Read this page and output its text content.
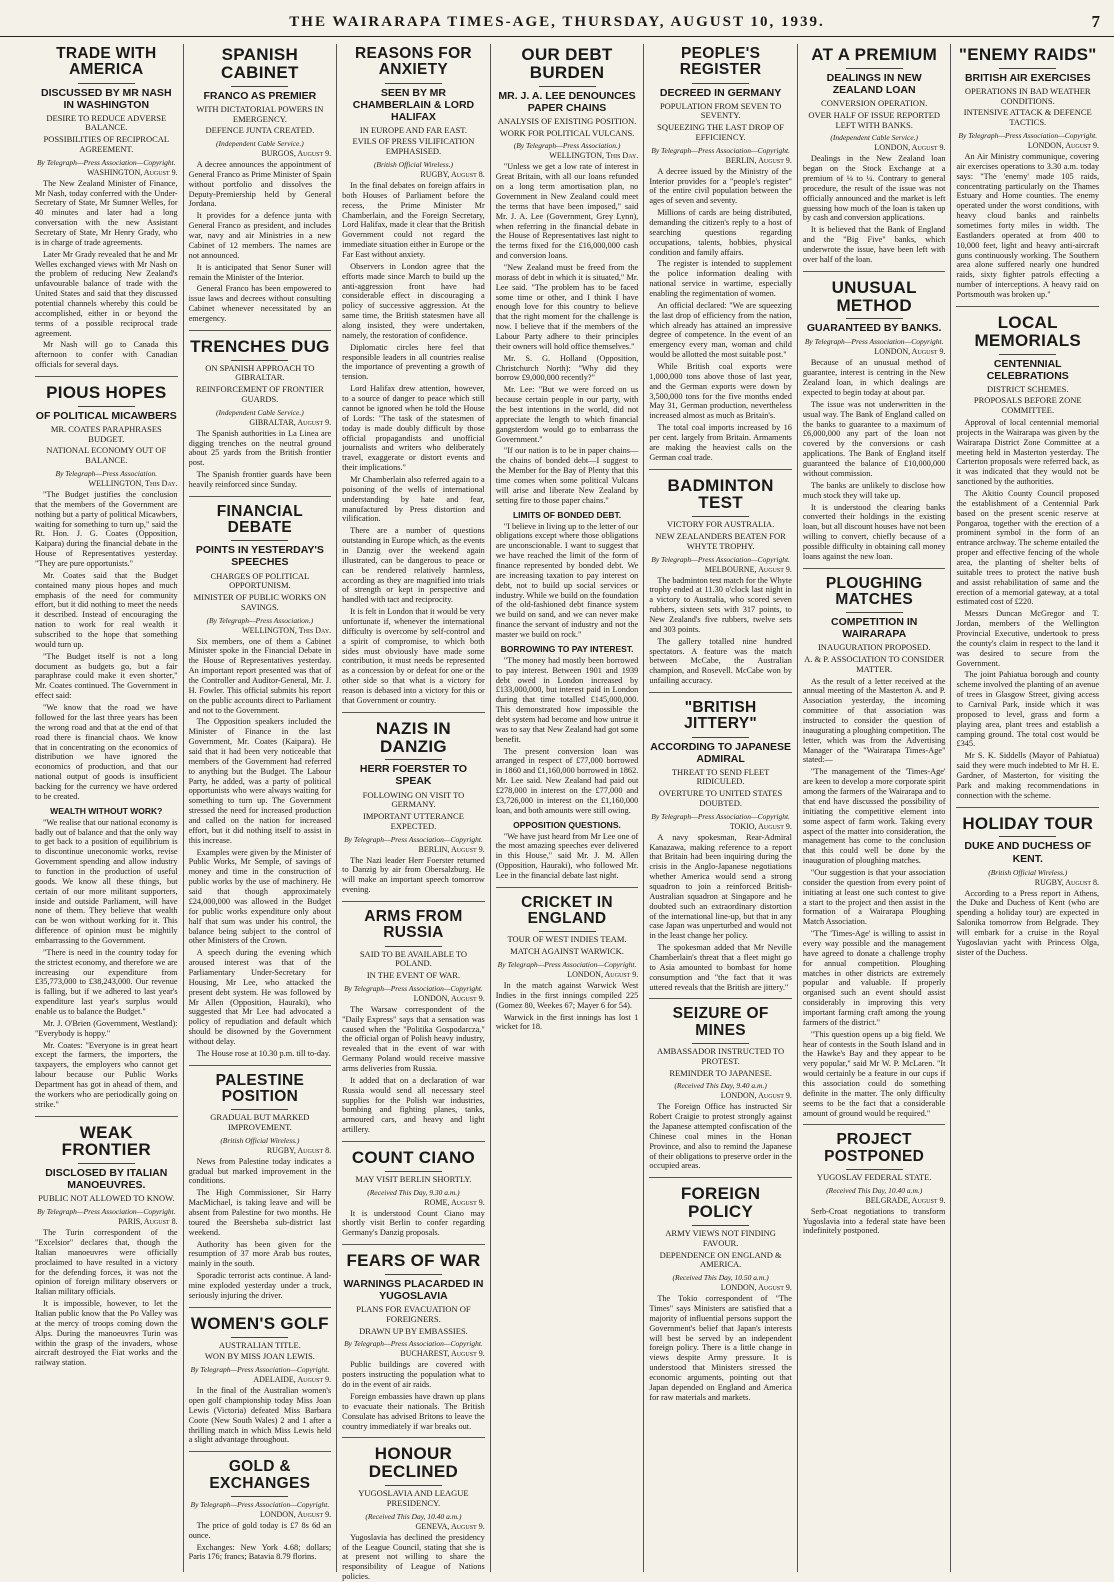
THE WAIRARAPA TIMES-AGE, THURSDAY, AUGUST 10, 1939.	7
TRADE WITH AMERICA
DISCUSSED BY MR NASH IN WASHINGTON
DESIRE TO REDUCE ADVERSE BALANCE.
POSSIBILITIES OF RECIPROCAL AGREEMENT.
By Telegraph—Press Association—Copyright.
WASHINGTON, August 9.

The New Zealand Minister of Finance, Mr Nash, today conferred with the Under-Secretary of State, Mr Sumner Welles, for 40 minutes and later had a long conversation with the new Assistant Secretary of State, Mr Henry Grady, who is in charge of trade agreements.

Later Mr Grady revealed that he and Mr Welles exchanged views with Mr Nash on the problem of reducing New Zealand's unfavourable balance of trade with the United States and said that they discussed potential channels whereby this could be accomplished, either in or beyond the terms of a possible reciprocal trade agreement.

Mr Nash will go to Canada this afternoon to confer with Canadian officials for several days.

PIOUS HOPES
OF POLITICAL MICAWBERS
MR. COATES PARAPHRASES BUDGET.
NATIONAL ECONOMY OUT OF BALANCE.
By Telegraph—Press Association.
WELLINGTON, This Day.

"The Budget justifies the conclusion that the members of the Government are nothing but a party of political Micawbers, waiting for something to turn up," said the Rt. Hon. J. G. Coates (Opposition, Kaipara) during the financial debate in the House of Representatives yesterday. "They are pure opportunists."

Mr. Coates said that the Budget contained many pious hopes and much emphasis of the need for community effort, but it did nothing to meet the needs it described. Instead of encouraging the nation to work for real wealth it subscribed to the hope that something would turn up.

"The Budget itself is not a long document as budgets go, but a fair paraphrase could make it even shorter," Mr. Coates continued. The Government in effect said:

"We know that the road we have followed for the last three years has been the wrong road and that at the end of that road there is financial chaos. We know that in concentrating on the economics of distribution we have ignored the economics of production, and that our national output of goods is insufficient backing for the currency we have ordered to be created.

WEALTH WITHOUT WORK?

"We realise that our national economy is badly out of balance and that the only way to get back to a position of equilibrium is to discontinue uneconomic works, revise Government spending and allow industry to function in the production of useful goods. We know all these things, but certain of our more militant supporters, inside and outside Parliament, will have none of them. They believe that wealth can be won without working for it. This difference of opinion must be mightily embarrassing to the Government.

"There is need in the country today for the strictest economy, and therefore we are increasing our expenditure from £35,773,000 to £38,243,000. Our revenue is falling, but if we adhered to last year's expenditure last year's surplus would enable us to balance the Budget."

Mr. J. O'Brien (Government, Westland): "Everybody is hoppy."

Mr. Coates: "Everyone is in great heart except the farmers, the importers, the taxpayers, the employers who cannot get labour because our Public Works Department has got in ahead of them, and the workers who are periodically going on strike."

WEAK FRONTIER
DISCLOSED BY ITALIAN MANOEUVRES.
PUBLIC NOT ALLOWED TO KNOW.
By Telegraph—Press Association—Copyright.
PARIS, August 8.

The Turin correspondent of the "Excelsior" declares that, though the Italian manoeuvres were officially proclaimed to have resulted in a victory for the defending forces, it was not the opinion of foreign military observers or Italian military officials.

It is impossible, however, to let the Italian public know that the Po Valley was at the mercy of troops coming down the Alps. During the manoeuvres Turin was within the grasp of the invaders, whose aircraft destroyed the Fiat works and the railway station.

SPANISH CABINET
FRANCO AS PREMIER
WITH DICTATORIAL POWERS IN EMERGENCY.
DEFENCE JUNTA CREATED.
(Independent Cable Service.)
BURGOS, August 9.

A decree announces the appointment of General Franco as Prime Minister of Spain without portfolio and dissolves the Deputy-Premiership held by General Jordana.

It provides for a defence junta with General Franco as president, and includes war, navy and air Ministries in a new Cabinet of 12 members. The names are not announced.

It is anticipated that Senor Suner will remain the Minister of the Interior.

General Franco has been empowered to issue laws and decrees without consulting Cabinet whenever necessitated by an emergency.

TRENCHES DUG
ON SPANISH APPROACH TO GIBRALTAR.
REINFORCEMENT OF FRONTIER GUARDS.
(Independent Cable Service.)
GIBRALTAR, August 9.

The Spanish authorities in La Linea are digging trenches on the neutral ground about 25 yards from the British frontier post.

The Spanish frontier guards have been heavily reinforced since Sunday.

FINANCIAL DEBATE
POINTS IN YESTERDAY'S SPEECHES
CHARGES OF POLITICAL OPPORTUNISM.
MINISTER OF PUBLIC WORKS ON SAVINGS.
(By Telegraph—Press Association.)
WELLINGTON, This Day.

Six members, one of them a Cabinet Minister spoke in the Financial Debate in the House of Representatives yesterday. An important report presented was that of the Controller and Auditor-General, Mr. J. H. Fowler. This official submits his report on the public accounts direct to Parliament and not to the Government.

The Opposition speakers included the Minister of Finance in the last Government, Mr. Coates (Kaipara). He said that it had been very noticeable that members of the Government had referred to anything but the Budget. The Labour Party, he added, was a party of political opportunists who were always waiting for something to turn up. The Government stressed the need for increased production and called on the nation for increased effort, but it did nothing itself to assist in this increase.

Examples were given by the Minister of Public Works, Mr Semple, of savings of money and time in the construction of public works by the use of machinery. He said that though approximately £24,000,000 was allowed in the Budget for public works expenditure only about half that sum was under his control, the balance being subject to the control of other Ministers of the Crown.

A speech during the evening which aroused interest was that of the Parliamentary Under-Secretary for Housing, Mr Lee, who attacked the present debt system. He was followed by Mr Allen (Opposition, Hauraki), who suggested that Mr Lee had advocated a policy of repudiation and default which should be disowned by the Government without delay.

The House rose at 10.30 p.m. till to-day.

PALESTINE POSITION
GRADUAL BUT MARKED IMPROVEMENT.
(British Official Wireless.)
RUGBY, August 8.

News from Palestine today indicates a gradual but marked improvement in the conditions.

The High Commissioner, Sir Harry MacMichael, is taking leave and will be absent from Palestine for two months. He toured the Beersheba sub-district last weekend.

Authority has been given for the resumption of 37 more Arab bus routes, mainly in the south.

Sporadic terrorist acts continue. A land-mine exploded yesterday under a truck, seriously injuring the driver.

WOMEN'S GOLF
AUSTRALIAN TITLE.
WON BY MISS JOAN LEWIS.
By Telegraph—Press Association—Copyright.
ADELAIDE, August 9.

In the final of the Australian women's open golf championship today Miss Joan Lewis (Victoria) defeated Miss Barbara Coote (New South Wales) 2 and 1 after a thrilling match in which Miss Lewis held a slight advantage throughout.

GOLD & EXCHANGES
By Telegraph—Press Association—Copyright.
LONDON, August 9.

The price of gold today is £7 8s 6d an ounce.

Exchanges: New York 4.68; dollars; Paris 176; francs; Batavia 8.79 florins.

REASONS FOR ANXIETY
SEEN BY MR CHAMBERLAIN & LORD HALIFAX
IN EUROPE AND FAR EAST.
EVILS OF PRESS VILIFICATION EMPHASISED.
(British Official Wireless.)
RUGBY, August 8.

In the final debates on foreign affairs in both Houses of Parliament before the recess, the Prime Minister Mr Chamberlain, and the Foreign Secretary, Lord Halifax, made it clear that the British Government could not regard the immediate situation either in Europe or the Far East without anxiety.

Observers in London agree that the efforts made since March to build up the anti-aggression front have had considerable effect in discouraging a policy of successive aggression. At the same time, the British statesmen have all along insisted, they were undertaken, namely, the restoration of confidence.

Diplomatic circles here feel that responsible leaders in all countries realise the importance of preventing a growth of tension.

Lord Halifax drew attention, however, to a source of danger to peace which still cannot be ignored when he told the House of Lords: "The task of the statesmen of today is made doubly difficult by those official propagandists and unofficial journalists and writers who deliberately travel, exaggerate or distort events and their implications."

Mr Chamberlain also referred again to a poisoning of the wells of international understanding by hate and fear, manufactured by Press distortion and vilification.

There are a number of questions outstanding in Europe which, as the events in Danzig over the weekend again illustrated, can be dangerous to peace or can be rendered relatively harmless, according as they are magnified into trials of strength or kept in perspective and handled with tact and reciprocity.

It is felt in London that it would be very unfortunate if, whenever the international difficulty is overcome by self-control and a spirit of compromise, to which both sides must obviously have made some contribution, it must needs be represented as a concession by or defeat for one or the other side so that what is a victory for reason is debased into a victory for this or that Government or country.

NAZIS IN DANZIG
HERR FOERSTER TO SPEAK
FOLLOWING ON VISIT TO GERMANY.
IMPORTANT UTTERANCE EXPECTED.
By Telegraph—Press Association—Copyright.
BERLIN, August 9.

The Nazi leader Herr Foerster returned to Danzig by air from Obersalzburg. He will make an important speech tomorrow evening.

ARMS FROM RUSSIA
SAID TO BE AVAILABLE TO POLAND.
IN THE EVENT OF WAR.
By Telegraph—Press Association—Copyright.
LONDON, August 9.

The Warsaw correspondent of the "Daily Express" says that a sensation was caused when the "Politika Gospodarcza," the official organ of Polish heavy industry, revealed that in the event of war with Germany Poland would receive massive arms deliveries from Russia.

It added that on a declaration of war Russia would send all necessary steel supplies for the Polish war industries, bombing and fighting planes, tanks, armoured cars, and heavy and light artillery.

COUNT CIANO
MAY VISIT BERLIN SHORTLY.
(Received This Day, 9.30 a.m.)
ROME, August 9.

It is understood Count Ciano may shortly visit Berlin to confer regarding Germany's Danzig proposals.

FEARS OF WAR
WARNINGS PLACARDED IN YUGOSLAVIA
PLANS FOR EVACUATION OF FOREIGNERS.
DRAWN UP BY EMBASSIES.
By Telegraph—Press Association—Copyright.
BUCHAREST, August 9.

Public buildings are covered with posters instructing the population what to do in the event of air raids.

Foreign embassies have drawn up plans to evacuate their nationals. The British Consulate has advised Britons to leave the country immediately if war breaks out.

HONOUR DECLINED
YUGOSLAVIA AND LEAGUE PRESIDENCY.
(Received This Day, 10.40 a.m.)
GENEVA, August 9.

Yugoslavia has declined the presidency of the League Council, stating that she is at present not willing to share the responsibility of League of Nations policies.

OUR DEBT BURDEN
MR. J. A. LEE DENOUNCES PAPER CHAINS
ANALYSIS OF EXISTING POSITION.
WORK FOR POLITICAL VULCANS.
(By Telegraph—Press Association.)
WELLINGTON, This Day.

"Unless we get a low rate of interest in Great Britain, with all our loans refunded on a long term amortisation plan, no Government in New Zealand could meet the terms that have been imposed," said Mr. J. A. Lee (Government, Grey Lynn), when referring in the financial debate in the House of Representatives last night to the terms fixed for the £16,000,000 cash and conversion loans.

"New Zealand must be freed from the morass of debt in which it is situated," Mr. Lee said. "The problem has to be faced some time or other, and I think I have enough love for this country to believe that the right moment for the challenge is now. I believe that if the members of the Labour Party adhere to their principles their owners will hold office themselves."

Mr. S. G. Holland (Opposition, Christchurch North): "Why did they borrow £9,000,000 recently?"

Mr. Lee: "But we were forced on us because certain people in our party, with the best intentions in the world, did not appreciate the length to which financial gangsterdom would go to embarrass the Government."

"If our nation is to be in paper chains—the chains of bonded debt—I suggest to the Member for the Bay of Plenty that this time comes when some political Vulcans will arise and liberate New Zealand by setting fire to those paper chains."

LIMITS OF BONDED DEBT.

"I believe in living up to the letter of our obligations except where those obligations are unconscionable. I want to suggest that we have reached the limit of the form of finance represented by bonded debt. We are increasing taxation to pay interest on debt, not to build up social services or industry. While we build on the foundation of the old-fashioned debt finance system we build on sand, and we can never make finance the servant of industry and not the master we build on rock."

BORROWING TO PAY INTEREST.

"The money had mostly been borrowed to pay interest. Between 1901 and 1939 debt owed in London increased by £133,000,000, but interest paid in London during that time totalled £145,000,000. This demonstrated how impossible the debt system had become and how untrue it was to say that New Zealand had got some benefit.

The present conversion loan was arranged in respect of £77,000 borrowed in 1860 and £1,160,000 borrowed in 1862. Mr. Lee said. New Zealand had paid out £278,000 in interest on the £77,000 and £3,726,000 in interest on the £1,160,000 loan, and both amounts were still owing.

OPPOSITION QUESTIONS.

"We have just heard from Mr Lee one of the most amazing speeches ever delivered in this House," said Mr. J. M. Allen (Opposition, Hauraki), who followed Mr. Lee in the financial debate last night.

CRICKET IN ENGLAND
TOUR OF WEST INDIES TEAM.
MATCH AGAINST WARWICK.
By Telegraph—Press Association—Copyright.
LONDON, August 9.

In the match against Warwick West Indies in the first innings compiled 225 (Gomez 80, Weekes 67; Mayer 6 for 54).

Warwick in the first innings has lost 1 wicket for 18.

PEOPLE'S REGISTER
DECREED IN GERMANY
POPULATION FROM SEVEN TO SEVENTY.
SQUEEZING THE LAST DROP OF EFFICIENCY.
By Telegraph—Press Association—Copyright.
BERLIN, August 9.

A decree issued by the Ministry of the Interior provides for a "people's register" of the entire civil population between the ages of seven and seventy.

Millions of cards are being distributed, demanding the citizen's reply to a host of searching questions regarding occupations, talents, hobbies, physical condition and family affairs.

The register is intended to supplement the police information dealing with national service in wartime, especially enabling the regimentation of women.

An official declared: "We are squeezing the last drop of efficiency from the nation, which already has attained an impressive degree of competence. In the event of an emergency every man, woman and child would be allotted the most suitable post."

While British coal exports were 1,000,000 tons above those of last year, and the German exports were down by 3,500,000 tons for the five months ended May 31, German production, nevertheless increased almost as much as Britain's.

The total coal imports increased by 16 per cent. largely from Britain. Armaments are making the heaviest calls on the German coal trade.

BADMINTON TEST
VICTORY FOR AUSTRALIA.
NEW ZEALANDERS BEATEN FOR WHYTE TROPHY.
By Telegraph—Press Association—Copyright.
MELBOURNE, August 9.

The badminton test match for the Whyte trophy ended at 11.30 o'clock last night in a victory to Australia, who scored seven rubbers, sixteen sets with 317 points, to New Zealand's five rubbers, twelve sets and 303 points.

The gallery totalled nine hundred spectators. A feature was the match between McCabe, the Australian champion, and Rosevell. McCabe won by unfailing accuracy.

"BRITISH JITTERY"
ACCORDING TO JAPANESE ADMIRAL
THREAT TO SEND FLEET RIDICULED.
OVERTURE TO UNITED STATES DOUBTED.
By Telegraph—Press Association—Copyright.
TOKIO, August 9.

A navy spokesman, Rear-Admiral Kanazawa, making reference to a report that Britain had been inquiring during the crisis in the Anglo-Japanese negotiations whether America would send a strong squadron to join a reinforced British-Australian squadron at Singapore and he doubted such an extraordinary distortion of the international line-up, but that in any case Japan was unperturbed and would not in the least change her policy.

The spokesman added that Mr Neville Chamberlain's threat that a fleet might go to Asia amounted to bombast for home consumption and "the fact that it was uttered reveals that the British are jittery."

SEIZURE OF MINES
AMBASSADOR INSTRUCTED TO PROTEST.
REMINDER TO JAPANESE.
(Received This Day, 9.40 a.m.)
LONDON, August 9.

The Foreign Office has instructed Sir Robert Craigie to protest strongly against the Japanese attempted confiscation of the Chinese coal mines in the Honan Province, and also to remind the Japanese of their obligations to preserve order in the occupied areas.

FOREIGN POLICY
ARMY VIEWS NOT FINDING FAVOUR.
DEPENDENCE ON ENGLAND & AMERICA.
(Received This Day, 10.50 a.m.)
LONDON, August 9.

The Tokio correspondent of "The Times" says Ministers are satisfied that a majority of influential persons support the Government's belief that Japan's interests will best be served by an independent foreign policy. There is a little change in views despite Army pressure. It is understood that Ministers stressed the economic arguments, pointing out that Japan depended on England and America for raw materials and markets.

AT A PREMIUM
DEALINGS IN NEW ZEALAND LOAN
CONVERSION OPERATION.
OVER HALF OF ISSUE REPORTED LEFT WITH BANKS.
(Independent Cable Service.)
LONDON, August 9.

Dealings in the New Zealand loan began on the Stock Exchange at a premium of ⅛ to ¼. Contrary to general procedure, the result of the issue was not officially announced and the market is left guessing how much of the loan is taken up by cash and conversion applications.

It is believed that the Bank of England and the "Big Five" banks, which underwrote the issue, have been left with over half of the loan.

UNUSUAL METHOD
GUARANTEED BY BANKS.
By Telegraph—Press Association—Copyright.
LONDON, August 9.

Because of an unusual method of guarantee, interest is centring in the New Zealand loan, in which dealings are expected to begin today at about par.

The issue was not underwritten in the usual way. The Bank of England called on the banks to guarantee to a maximum of £6,000,000 any part of the loan not covered by the conversions or cash applications. The Bank of England itself guaranteed the balance of £10,000,000 without commission.

The banks are unlikely to disclose how much stock they will take up.

It is understood the clearing banks converted their holdings in the existing loan, but all discount houses have not been willing to convert, chiefly because of a possible difficulty in obtaining call money loans against the new loan.

PLOUGHING MATCHES
COMPETITION IN WAIRARAPA
INAUGURATION PROPOSED.
A. & P. ASSOCIATION TO CONSIDER MATTER.

As the result of a letter received at the annual meeting of the Masterton A. and P. Association yesterday, the incoming committee of that association was instructed to consider the question of inaugurating a ploughing competition. The letter, which was from the Advertising Manager of the "Wairarapa Times-Age" stated:—

"The management of the 'Times-Age' are keen to develop a more corporate spirit among the farmers of the Wairarapa and to that end have discussed the possibility of initiating the competitive element into some aspect of farm work. Taking every aspect of the matter into consideration, the management has come to the conclusion that this could well be done by the inauguration of ploughing matches.

"Our suggestion is that your association consider the question from every point of initiating at least one such contest to give a start to the project and then assist in the formation of a Wairarapa Ploughing Match Association.

"The 'Times-Age' is willing to assist in every way possible and the management have agreed to donate a challenge trophy for annual competition. Ploughing matches in other districts are extremely popular and valuable. If properly organised such an event should assist considerably in improving this very important farming craft among the young farmers of the district."

"This question opens up a big field. We hear of contests in the South Island and in the Hawke's Bay and they appear to be very popular," said Mr W. P. McLaren. "It would certainly be a feature in our cups if this association could do something definite in the matter. The only difficulty seems to be the fact that a considerable amount of ground would be required."

PROJECT POSTPONED
YUGOSLAV FEDERAL STATE.
(Received This Day, 10.40 a.m.)
BELGRADE, August 9.

Serb-Croat negotiations to transform Yugoslavia into a federal state have been indefinitely postponed.

"ENEMY RAIDS"
BRITISH AIR EXERCISES
OPERATIONS IN BAD WEATHER CONDITIONS.
INTENSIVE ATTACK & DEFENCE TACTICS.
By Telegraph—Press Association—Copyright.
LONDON, August 9.

An Air Ministry communique, covering air exercises operations to 3.30 a.m. today says: "The 'enemy' made 105 raids, concentrating particularly on the Thames Estuary and Home counties. The enemy operated under the worst conditions, with heavy cloud banks and rainbelts sometimes forty miles in width. The Eastlanders operated at from 400 to 10,000 feet, light and heavy anti-aircraft guns continuously working. The Southern area alone suffered nearly one hundred raids, sixty fighter patrols effecting a number of interceptions. A heavy raid on Portsmouth was broken up."

LOCAL MEMORIALS
CENTENNIAL CELEBRATIONS
DISTRICT SCHEMES.
PROPOSALS BEFORE ZONE COMMITTEE.

Approval of local centennial memorial projects in the Wairarapa was given by the Wairarapa District Zone Committee at a meeting held in Masterton yesterday. The Carterton proposals were referred back, as it was indicated that they would not be sanctioned by the authorities.

The Akitio County Council proposed the establishment of a Centennial Park based on the present scenic reserve at Pongaroa, together with the erection of a prominent symbol in the form of an entrance archway. The scheme entailed the proper and effective fencing of the whole area, the planting of shelter belts of suitable trees to protect the native bush and assist rehabilitation of same and the erection of a memorial gateway, at a total estimated cost of £220.

Messrs Duncan McGregor and T. Jordan, members of the Wellington Provincial Executive, undertook to press the county's claim in respect to the land it was desired to secure from the Government.

The joint Pahiatua borough and county scheme involved the planting of an avenue of trees in Glasgow Street, giving access to Carnival Park, inside which it was proposed to level, grass and form a playing area, plant trees and establish a camping ground. The total cost would be £345.

Mr S. K. Siddells (Mayor of Pahiatua) said they were much indebted to Mr H. E. Gardner, of Masterton, for visiting the Park and making recommendations in connection with the scheme.

HOLIDAY TOUR
DUKE AND DUCHESS OF KENT.
(British Official Wireless.)
RUGBY, August 8.

According to a Press report in Athens, the Duke and Duchess of Kent (who are spending a holiday tour) are expected in Salonika tomorrow from Belgrade. They will embark for a cruise in the Royal Yugoslavian yacht with Princess Olga, sister of the Duchess.
